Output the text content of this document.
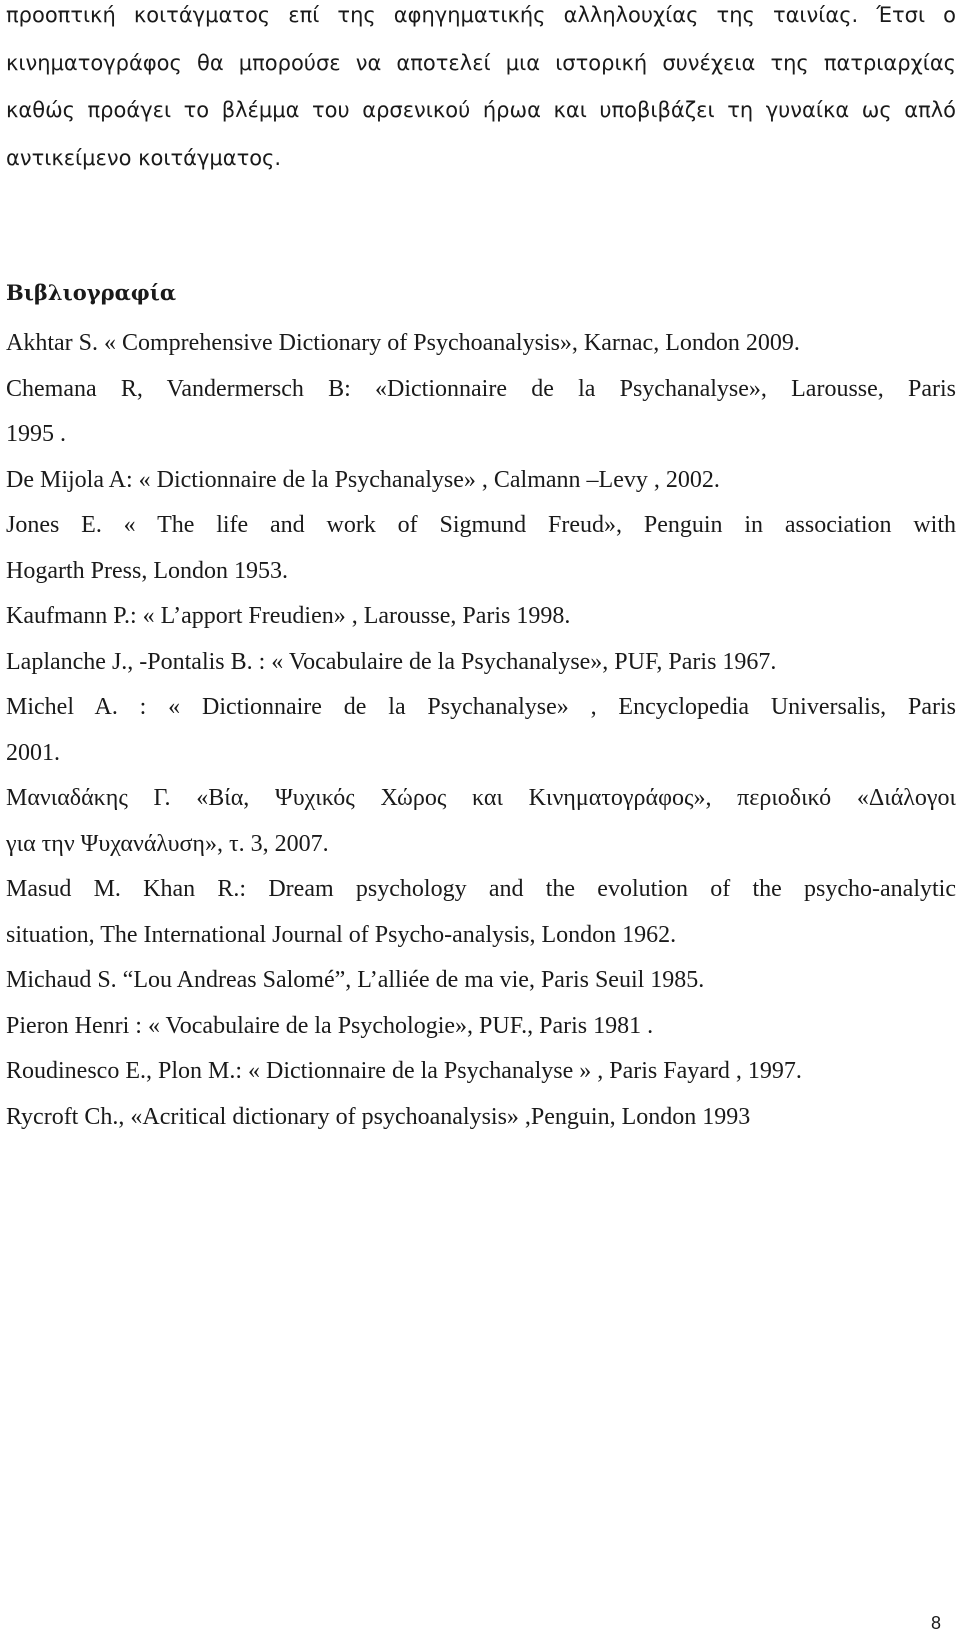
προοπτική κοιτάγματος επί της αφηγηματικής αλληλουχίας της ταινίας. Έτσι ο
κινηματογράφος θα μπορούσε να αποτελεί μια ιστορική συνέχεια της πατριαρχίας
καθώς προάγει το βλέμμα του αρσενικού ήρωα και υποβιβάζει τη γυναίκα ως απλό
αντικείμενο κοιτάγματος.
Βιβλιογραφία
Akhtar S. « Comprehensive Dictionary of Psychoanalysis», Karnac, London 2009.
Chemana R, Vandermersch B: «Dictionnaire de la Psychanalyse», Larousse, Paris
1995 .
De Mijola A: « Dictionnaire de la Psychanalyse» , Calmann –Levy , 2002.
Jones E. « The life and work of Sigmund Freud», Penguin in association with
Hogarth Press, London 1953.
Kaufmann P.: « L’apport Freudien» , Larousse, Paris 1998.
Laplanche J., -Pontalis B. : « Vocabulaire de la Psychanalyse», PUF, Paris 1967.
Michel A. : « Dictionnaire de la Psychanalyse» , Encyclopedia Universalis, Paris
2001.
Μανιαδάκης Γ. «Βία, Ψυχικός Χώρος και Κινηματογράφος», περιοδικό «Διάλογοι
για την Ψυχανάλυση», τ. 3, 2007.
Masud M. Khan R.: Dream psychology and the evolution of the psycho-analytic
situation, The International Journal of Psycho-analysis, London 1962.
Michaud S. “Lou Andreas Salomé”, L’alliée de ma vie, Paris Seuil 1985.
Pieron Henri : « Vocabulaire de la Psychologie», PUF., Paris 1981 .
Roudinesco E., Plon M.: « Dictionnaire de la Psychanalyse » , Paris Fayard , 1997.
Rycroft Ch., «Acritical dictionary of psychoanalysis» ,Penguin, London 1993
8
